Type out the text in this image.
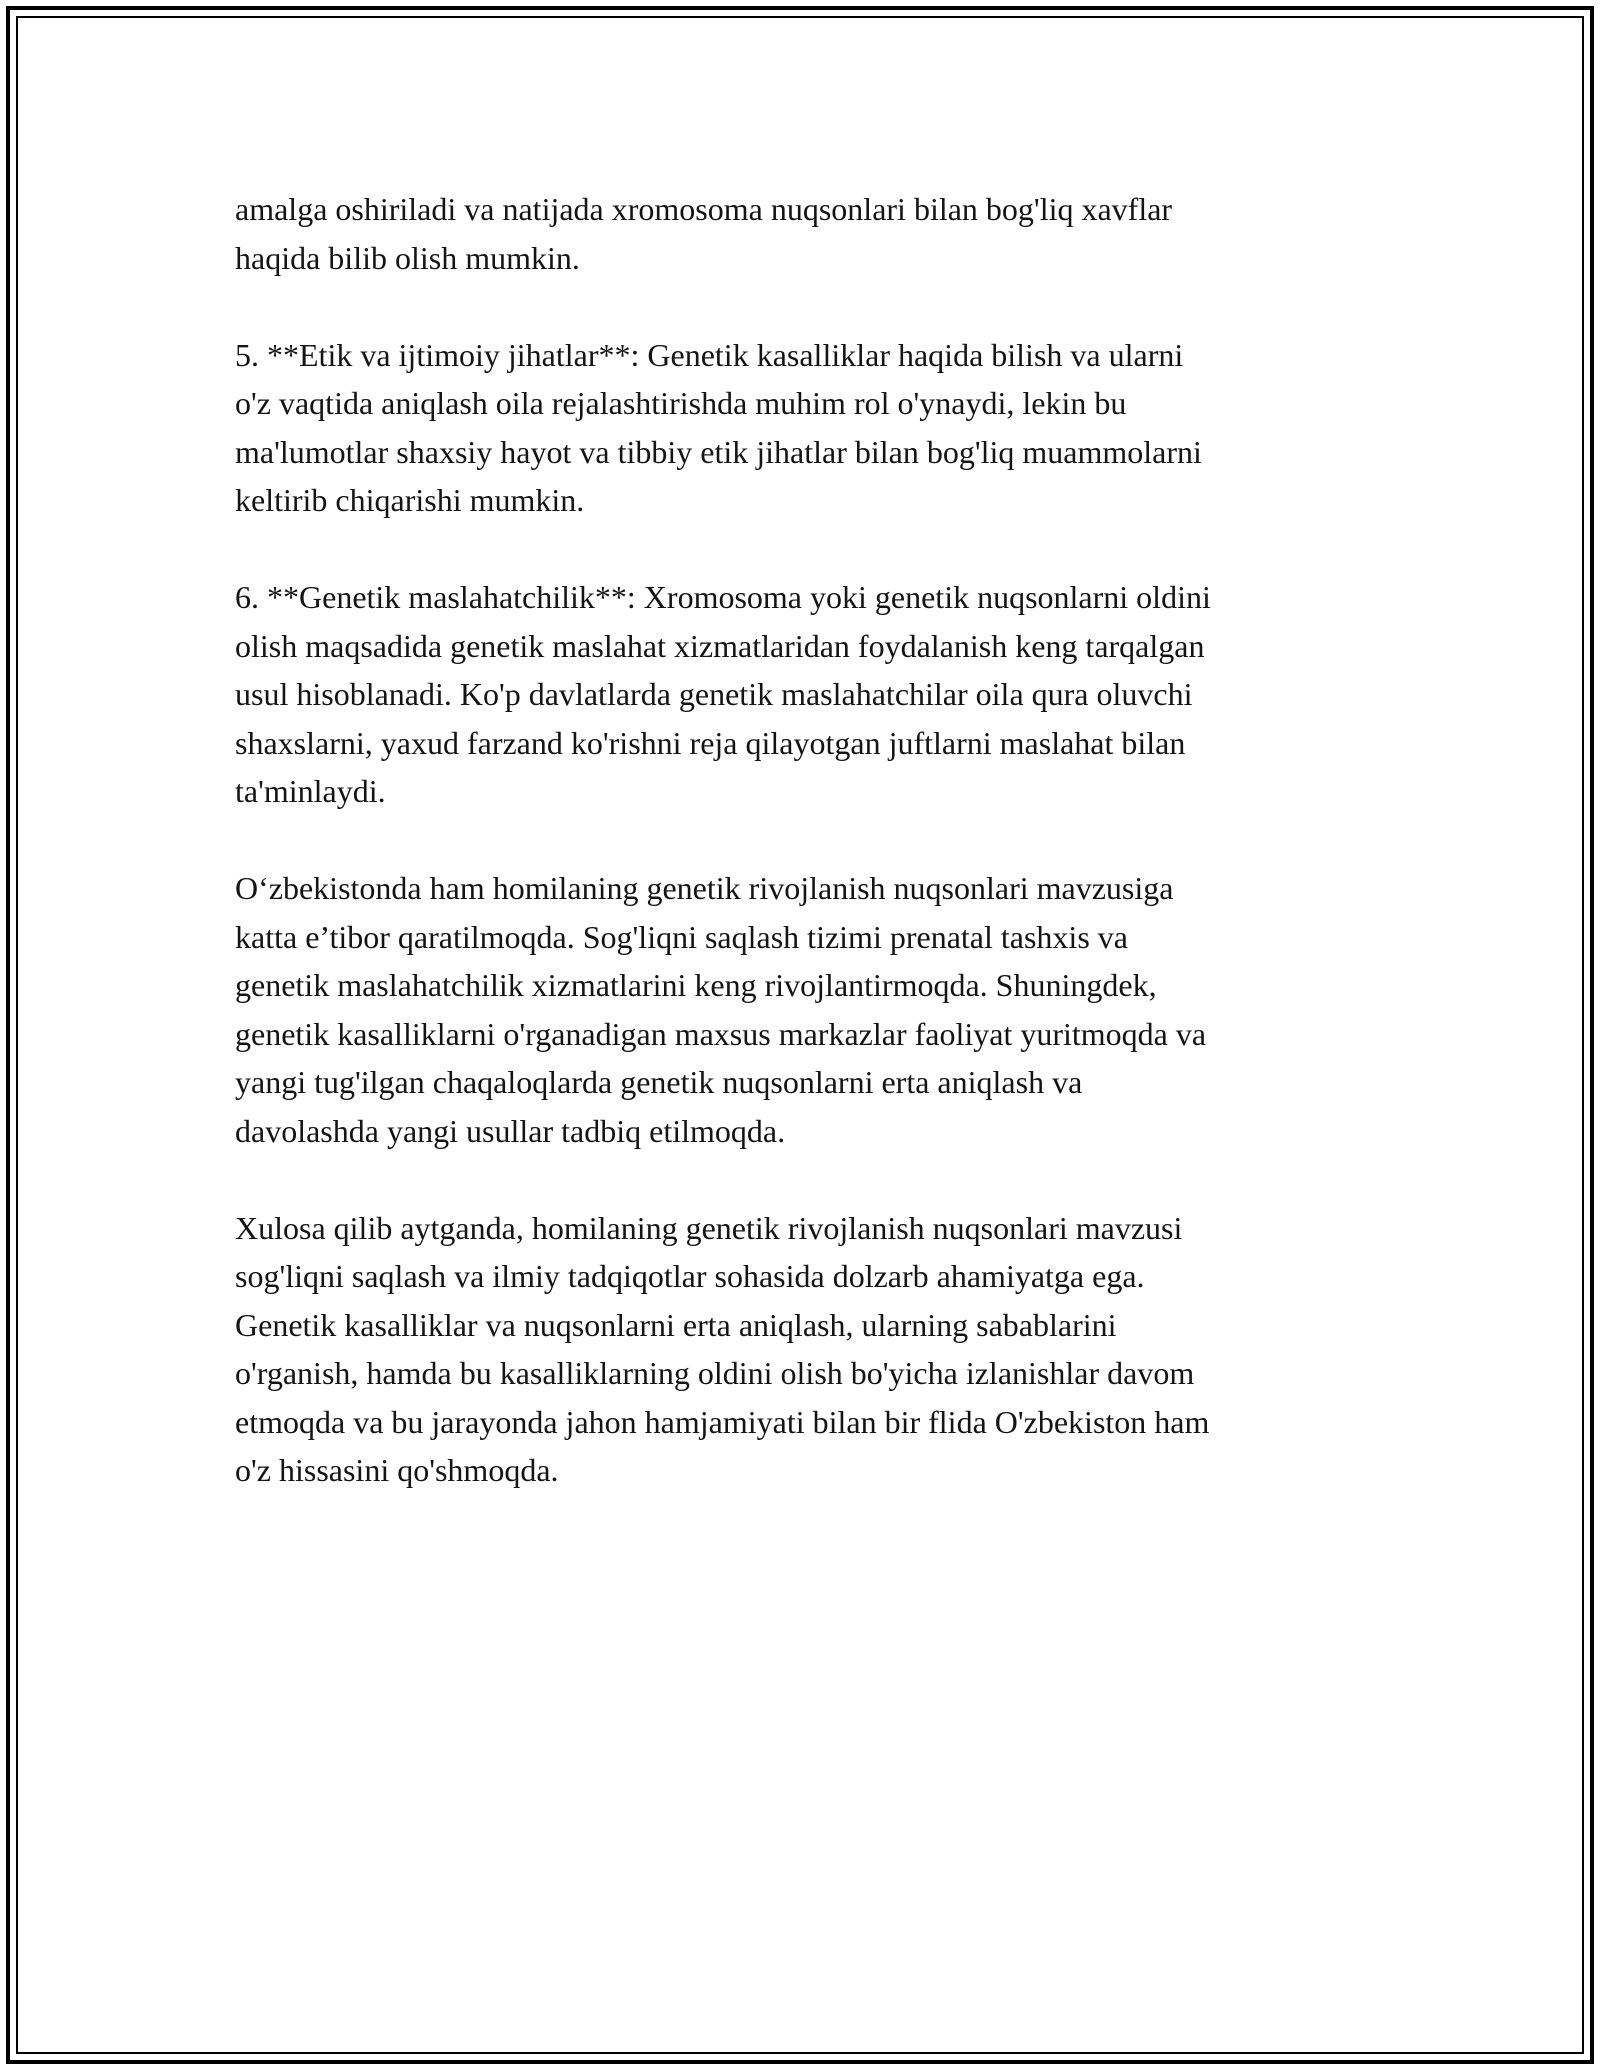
amalga oshiriladi va natijada xromosoma nuqsonlari bilan bog'liq xavflar
haqida bilib olish mumkin.

5. **Etik va ijtimoiy jihatlar**: Genetik kasalliklar haqida bilish va ularni
o'z vaqtida aniqlash oila rejalashtirishda muhim rol o'ynaydi, lekin bu
ma'lumotlar shaxsiy hayot va tibbiy etik jihatlar bilan bog'liq muammolarni
keltirib chiqarishi mumkin.

6. **Genetik maslahatchilik**: Xromosoma yoki genetik nuqsonlarni oldini
olish maqsadida genetik maslahat xizmatlaridan foydalanish keng tarqalgan
usul hisoblanadi. Ko'p davlatlarda genetik maslahatchilar oila qura oluvchi
shaxslarni, yaxud farzand ko'rishni reja qilayotgan juftlarni maslahat bilan
ta'minlaydi.

O‘zbekistonda ham homilaning genetik rivojlanish nuqsonlari mavzusiga
katta e’tibor qaratilmoqda. Sog'liqni saqlash tizimi prenatal tashxis va
genetik maslahatchilik xizmatlarini keng rivojlantirmoqda. Shuningdek,
genetik kasalliklarni o'rganadigan maxsus markazlar faoliyat yuritmoqda va
yangi tug'ilgan chaqaloqlarda genetik nuqsonlarni erta aniqlash va
davolashda yangi usullar tadbiq etilmoqda.

Xulosa qilib aytganda, homilaning genetik rivojlanish nuqsonlari mavzusi
sog'liqni saqlash va ilmiy tadqiqotlar sohasida dolzarb ahamiyatga ega.
Genetik kasalliklar va nuqsonlarni erta aniqlash, ularning sabablarini
o'rganish, hamda bu kasalliklarning oldini olish bo'yicha izlanishlar davom
etmoqda va bu jarayonda jahon hamjamiyati bilan bir flida O'zbekiston ham
o'z hissasini qo'shmoqda.
